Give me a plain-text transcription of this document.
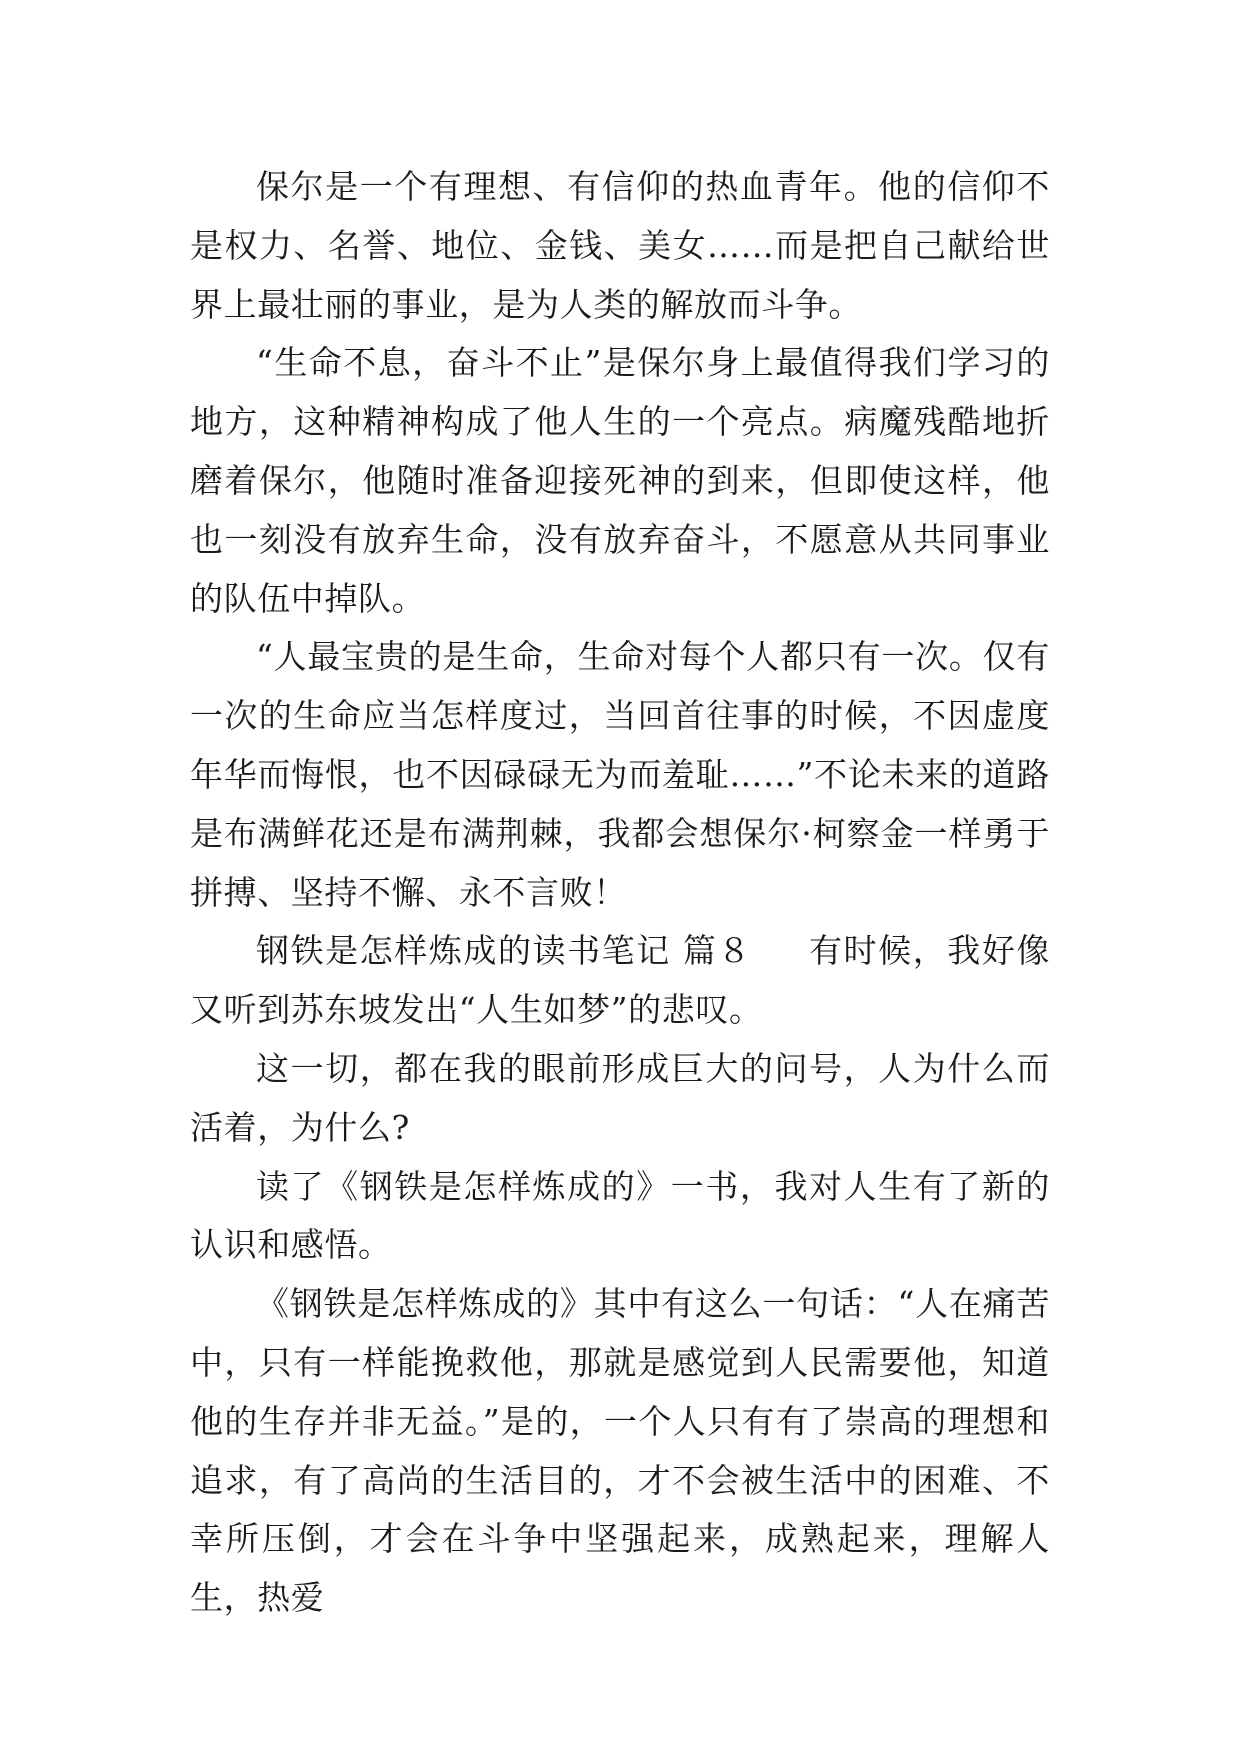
保尔是一个有理想、有信仰的热血青年。他的信仰不是权力、名誉、地位、金钱、美女……而是把自己献给世界上最壮丽的事业，是为人类的解放而斗争。

“生命不息，奋斗不止”是保尔身上最值得我们学习的地方，这种精神构成了他人生的一个亮点。病魔残酷地折磨着保尔，他随时准备迎接死神的到来，但即使这样，他也一刻没有放弃生命，没有放弃奋斗，不愿意从共同事业的队伍中掉队。

“人最宝贵的是生命，生命对每个人都只有一次。仅有一次的生命应当怎样度过，当回首往事的时候，不因虚度年华而悔恨，也不因碌碌无为而羞耻……”不论未来的道路是布满鲜花还是布满荆棘，我都会想保尔·柯察金一样勇于拼搏、坚持不懈、永不言败！

钢铁是怎样炼成的读书笔记 篇８ 有时候，我好像又听到苏东坡发出“人生如梦”的悲叹。

这一切，都在我的眼前形成巨大的问号，人为什么而活着，为什么?

读了《钢铁是怎样炼成的》一书，我对人生有了新的认识和感悟。

《钢铁是怎样炼成的》其中有这么一句话：“人在痛苦中，只有一样能挽救他，那就是感觉到人民需要他，知道他的生存并非无益。”是的，一个人只有有了崇高的理想和追求，有了高尚的生活目的，才不会被生活中的困难、不幸所压倒，才会在斗争中坚强起来，成熟起来，理解人生，热爱
